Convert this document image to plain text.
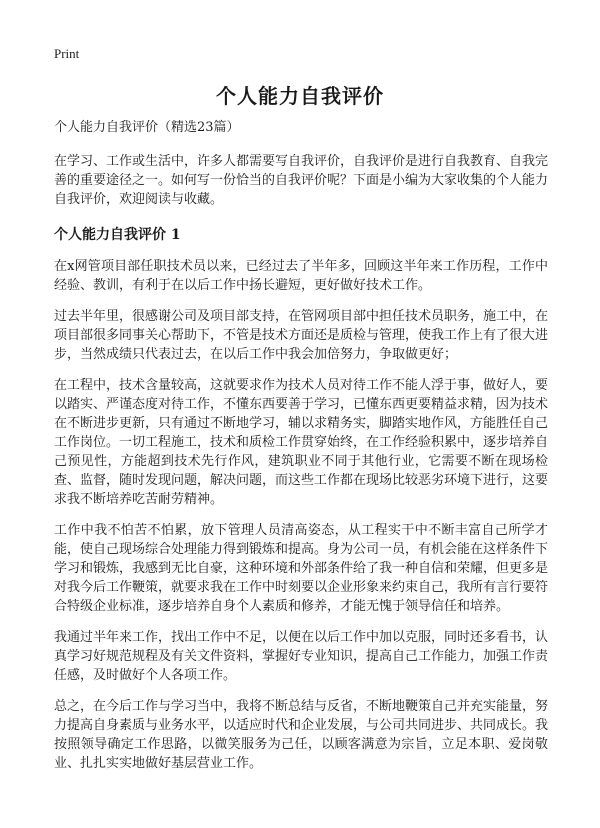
Print
个人能力自我评价

个人能力自我评价（精选23篇）

在学习、工作或生活中，许多人都需要写自我评价，自我评价是进行自我教育、自我完善的重要途径之一。如何写一份恰当的自我评价呢？下面是小编为大家收集的个人能力自我评价，欢迎阅读与收藏。

个人能力自我评价 1

在x网管项目部任职技术员以来，已经过去了半年多，回顾这半年来工作历程，工作中经验、教训，有利于在以后工作中扬长避短，更好做好技术工作。

过去半年里，很感谢公司及项目部支持，在管网项目部中担任技术员职务，施工中，在项目部很多同事关心帮助下，不管是技术方面还是质检与管理，使我工作上有了很大进步，当然成绩只代表过去，在以后工作中我会加倍努力，争取做更好；

在工程中，技术含量较高，这就要求作为技术人员对待工作不能人浮于事，做好人，要以踏实、严谨态度对待工作，不懂东西要善于学习，已懂东西更要精益求精，因为技术在不断进步更新，只有通过不断地学习，辅以求精务实，脚踏实地作风，方能胜任自己工作岗位。一切工程施工，技术和质检工作贯穿始终，在工作经验积累中，逐步培养自己预见性，方能超到技术先行作风，建筑职业不同于其他行业，它需要不断在现场检查、监督，随时发现问题，解决问题，而这些工作都在现场比较恶劣环境下进行，这要求我不断培养吃苦耐劳精神。

工作中我不怕苦不怕累，放下管理人员清高姿态，从工程实干中不断丰富自己所学才能，使自己现场综合处理能力得到锻炼和提高。身为公司一员，有机会能在这样条件下学习和锻炼，我感到无比自豪，这种环境和外部条件给了我一种自信和荣耀，但更多是对我今后工作鞭策，就要求我在工作中时刻要以企业形象来约束自己，我所有言行要符合特级企业标准，逐步培养自身个人素质和修养，才能无愧于领导信任和培养。

我通过半年来工作，找出工作中不足，以便在以后工作中加以克服，同时还多看书，认真学习好规范规程及有关文件资料，掌握好专业知识，提高自己工作能力，加强工作责任感，及时做好个人各项工作。

总之，在今后工作与学习当中，我将不断总结与反省，不断地鞭策自己并充实能量，努力提高自身素质与业务水平，以适应时代和企业发展，与公司共同进步、共同成长。我按照领导确定工作思路，以微笑服务为己任，以顾客满意为宗旨，立足本职、爱岗敬业、扎扎实实地做好基层营业工作。
